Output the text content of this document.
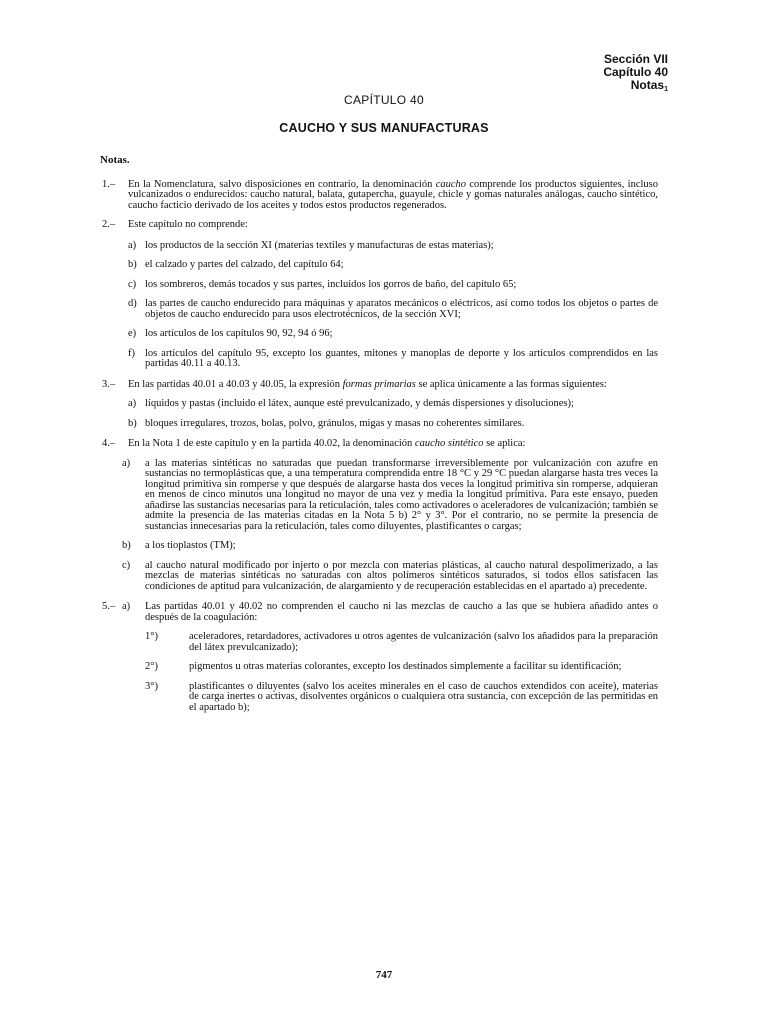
Sección VII
Capítulo 40
Notas$_1$
CAPÍTULO 40
CAUCHO Y SUS MANUFACTURAS
Notas.
1.– En la Nomenclatura, salvo disposiciones en contrario, la denominación caucho comprende los productos siguientes, incluso vulcanizados o endurecidos: caucho natural, balata, gutapercha, guayule, chicle y gomas naturales análogas, caucho sintético, caucho facticio derivado de los aceites y todos estos productos regenerados.
2.– Este capítulo no comprende:
a) los productos de la sección XI (materias textiles y manufacturas de estas materias);
b) el calzado y partes del calzado, del capítulo 64;
c) los sombreros, demás tocados y sus partes, incluidos los gorros de baño, del capítulo 65;
d) las partes de caucho endurecido para máquinas y aparatos mecánicos o eléctricos, así como todos los objetos o partes de objetos de caucho endurecido para usos electrotécnicos, de la sección XVI;
e) los artículos de los capítulos 90, 92, 94 ó 96;
f) los artículos del capítulo 95, excepto los guantes, mitones y manoplas de deporte y los artículos comprendidos en las partidas 40.11 a 40.13.
3.– En las partidas 40.01 a 40.03 y 40.05, la expresión formas primarias se aplica únicamente a las formas siguientes:
a) líquidos y pastas (incluido el látex, aunque esté prevulcanizado, y demás dispersiones y disoluciones);
b) bloques irregulares, trozos, bolas, polvo, gránulos, migas y masas no coherentes similares.
4.– En la Nota 1 de este capítulo y en la partida 40.02, la denominación caucho sintético se aplica:
a) a las materias sintéticas no saturadas que puedan transformarse irreversiblemente por vulcanización con azufre en sustancias no termoplásticas que, a una temperatura comprendida entre 18 °C y 29 °C puedan alargarse hasta tres veces la longitud primitiva sin romperse y que después de alargarse hasta dos veces la longitud primitiva sin romperse, adquieran en menos de cinco minutos una longitud no mayor de una vez y media la longitud primitiva. Para este ensayo, pueden añadirse las sustancias necesarias para la reticulación, tales como activadores o aceleradores de vulcanización; también se admite la presencia de las materias citadas en la Nota 5 b) 2° y 3°. Por el contrario, no se permite la presencia de sustancias innecesarias para la reticulación, tales como diluyentes, plastificantes o cargas;
b) a los tioplastos (TM);
c) al caucho natural modificado por injerto o por mezcla con materias plásticas, al caucho natural despolimerizado, a las mezclas de materias sintéticas no saturadas con altos polímeros sintéticos saturados, si todos ellos satisfacen las condiciones de aptitud para vulcanización, de alargamiento y de recuperación establecidas en el apartado a) precedente.
5.– a) Las partidas 40.01 y 40.02 no comprenden el caucho ni las mezclas de caucho a las que se hubiera añadido antes o después de la coagulación:
1°)	aceleradores, retardadores, activadores u otros agentes de vulcanización (salvo los añadidos para la preparación del látex prevulcanizado);
2°)	pigmentos u otras materias colorantes, excepto los destinados simplemente a facilitar su identificación;
3°)	plastificantes o diluyentes (salvo los aceites minerales en el caso de cauchos extendidos con aceite), materias de carga inertes o activas, disolventes orgánicos o cualquiera otra sustancia, con excepción de las permitidas en el apartado b);
747
